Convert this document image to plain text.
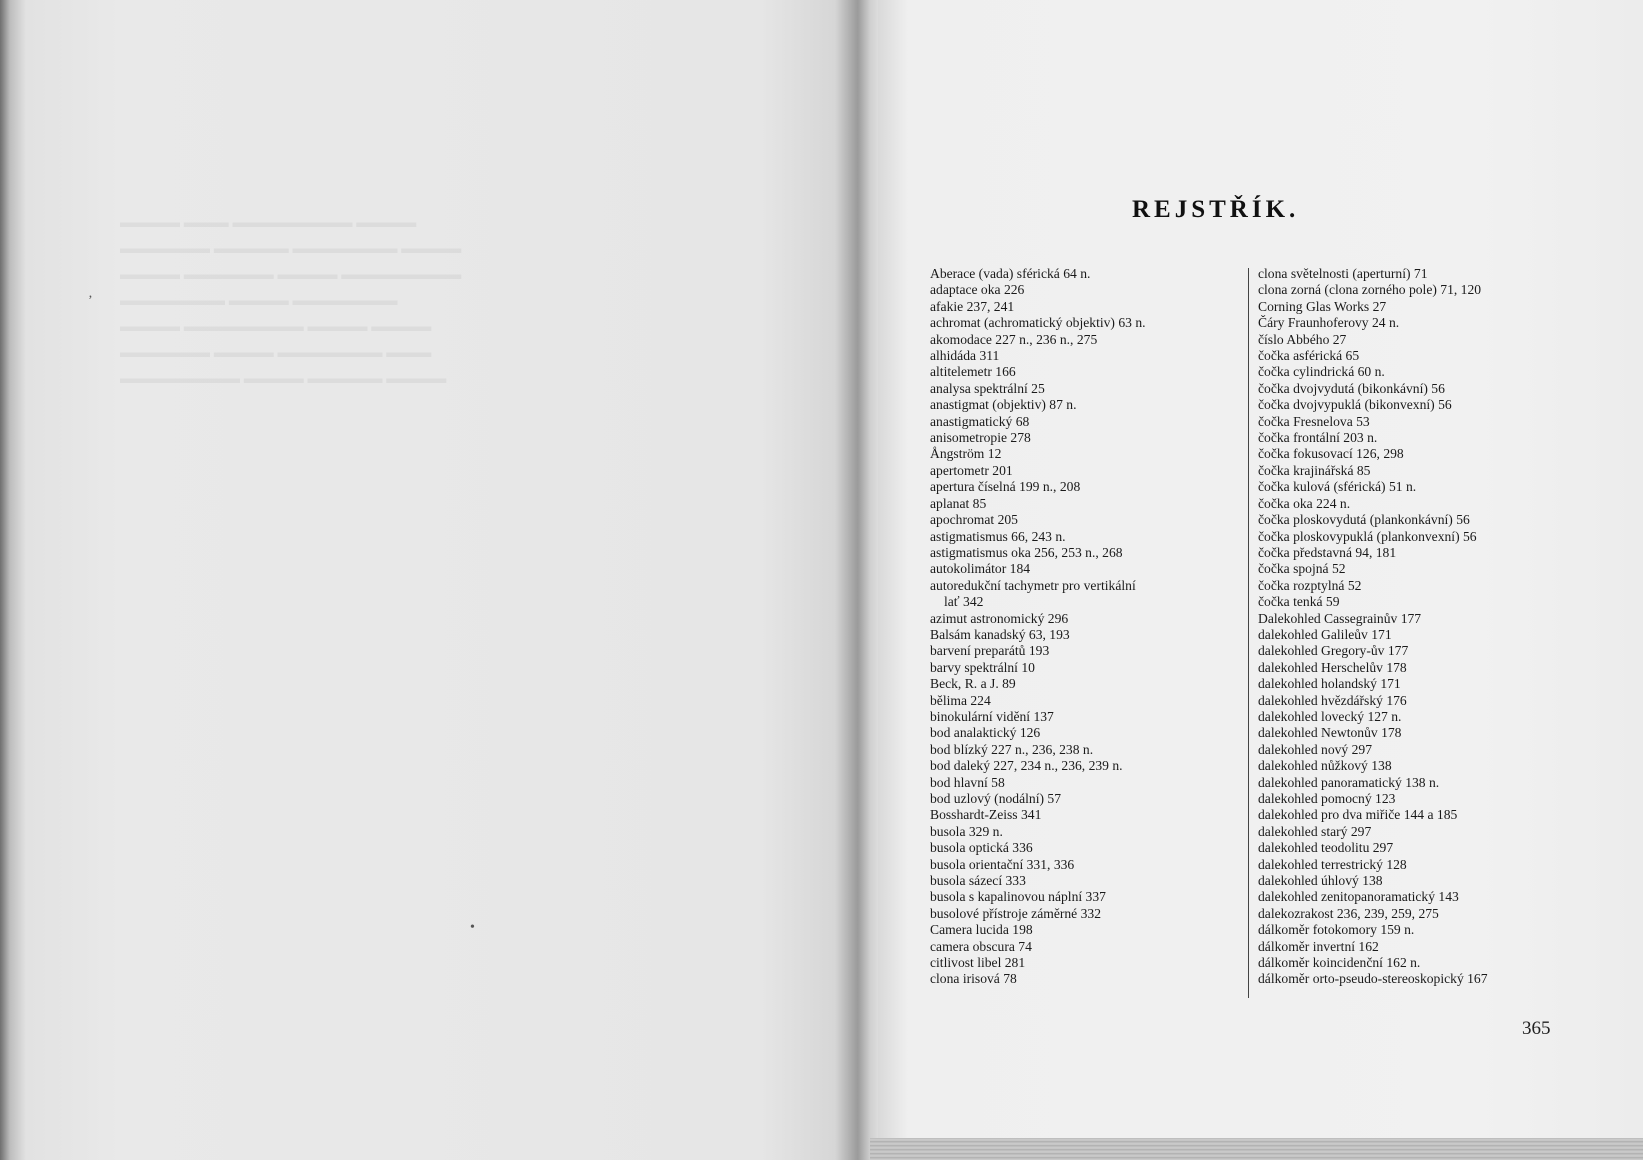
▬▬▬▬ ▬▬▬ ▬▬▬▬▬▬▬▬ ▬▬▬▬
▬▬▬▬▬▬ ▬▬▬▬▬ ▬▬▬▬▬▬▬ ▬▬▬▬
▬▬▬▬ ▬▬▬▬▬▬ ▬▬▬▬ ▬▬▬▬▬▬▬▬
▬▬▬▬▬▬▬ ▬▬▬▬ ▬▬▬▬▬▬▬
▬▬▬▬ ▬▬▬▬▬▬▬▬ ▬▬▬▬ ▬▬▬▬
▬▬▬▬▬▬ ▬▬▬▬ ▬▬▬▬▬▬▬ ▬▬▬
▬▬▬▬▬▬▬▬ ▬▬▬▬ ▬▬▬▬▬ ▬▬▬▬
‚
•
REJSTŘÍK.
Aberace (vada) sférická 64 n.
adaptace oka 226
afakie 237, 241
achromat (achromatický objektiv) 63 n.
akomodace 227 n., 236 n., 275
alhidáda 311
altitelemetr 166
analysa spektrální 25
anastigmat (objektiv) 87 n.
anastigmatický 68
anisometropie 278
Ångström 12
apertometr 201
apertura číselná 199 n., 208
aplanat 85
apochromat 205
astigmatismus 66, 243 n.
astigmatismus oka 256, 253 n., 268
autokolimátor 184
autoredukční tachymetr pro vertikální
lať 342
azimut astronomický 296
Balsám kanadský 63, 193
barvení preparátů 193
barvy spektrální 10
Beck, R. a J. 89
bělima 224
binokulární vidění 137
bod analaktický 126
bod blízký 227 n., 236, 238 n.
bod daleký 227, 234 n., 236, 239 n.
bod hlavní 58
bod uzlový (nodální) 57
Bosshardt-Zeiss 341
busola 329 n.
busola optická 336
busola orientační 331, 336
busola sázecí 333
busola s kapalinovou náplní 337
busolové přístroje záměrné 332
Camera lucida 198
camera obscura 74
citlivost libel 281
clona irisová 78
clona světelnosti (aperturní) 71
clona zorná (clona zorného pole) 71, 120
Corning Glas Works 27
Čáry Fraunhoferovy 24 n.
číslo Abbého 27
čočka asférická 65
čočka cylindrická 60 n.
čočka dvojvydutá (bikonkávní) 56
čočka dvojvypuklá (bikonvexní) 56
čočka Fresnelova 53
čočka frontální 203 n.
čočka fokusovací 126, 298
čočka krajinářská 85
čočka kulová (sférická) 51 n.
čočka oka 224 n.
čočka ploskovydutá (plankonkávní) 56
čočka ploskovypuklá (plankonvexní) 56
čočka představná 94, 181
čočka spojná 52
čočka rozptylná 52
čočka tenká 59
Dalekohled Cassegrainův 177
dalekohled Galileův 171
dalekohled Gregory-ův 177
dalekohled Herschelův 178
dalekohled holandský 171
dalekohled hvězdářský 176
dalekohled lovecký 127 n.
dalekohled Newtonův 178
dalekohled nový 297
dalekohled nůžkový 138
dalekohled panoramatický 138 n.
dalekohled pomocný 123
dalekohled pro dva miřiče 144 a 185
dalekohled starý 297
dalekohled teodolitu 297
dalekohled terrestrický 128
dalekohled úhlový 138
dalekohled zenitopanoramatický 143
dalekozrakost 236, 239, 259, 275
dálkoměr fotokomory 159 n.
dálkoměr invertní 162
dálkoměr koincidenční 162 n.
dálkoměr orto-pseudo-stereoskopický 167
365
